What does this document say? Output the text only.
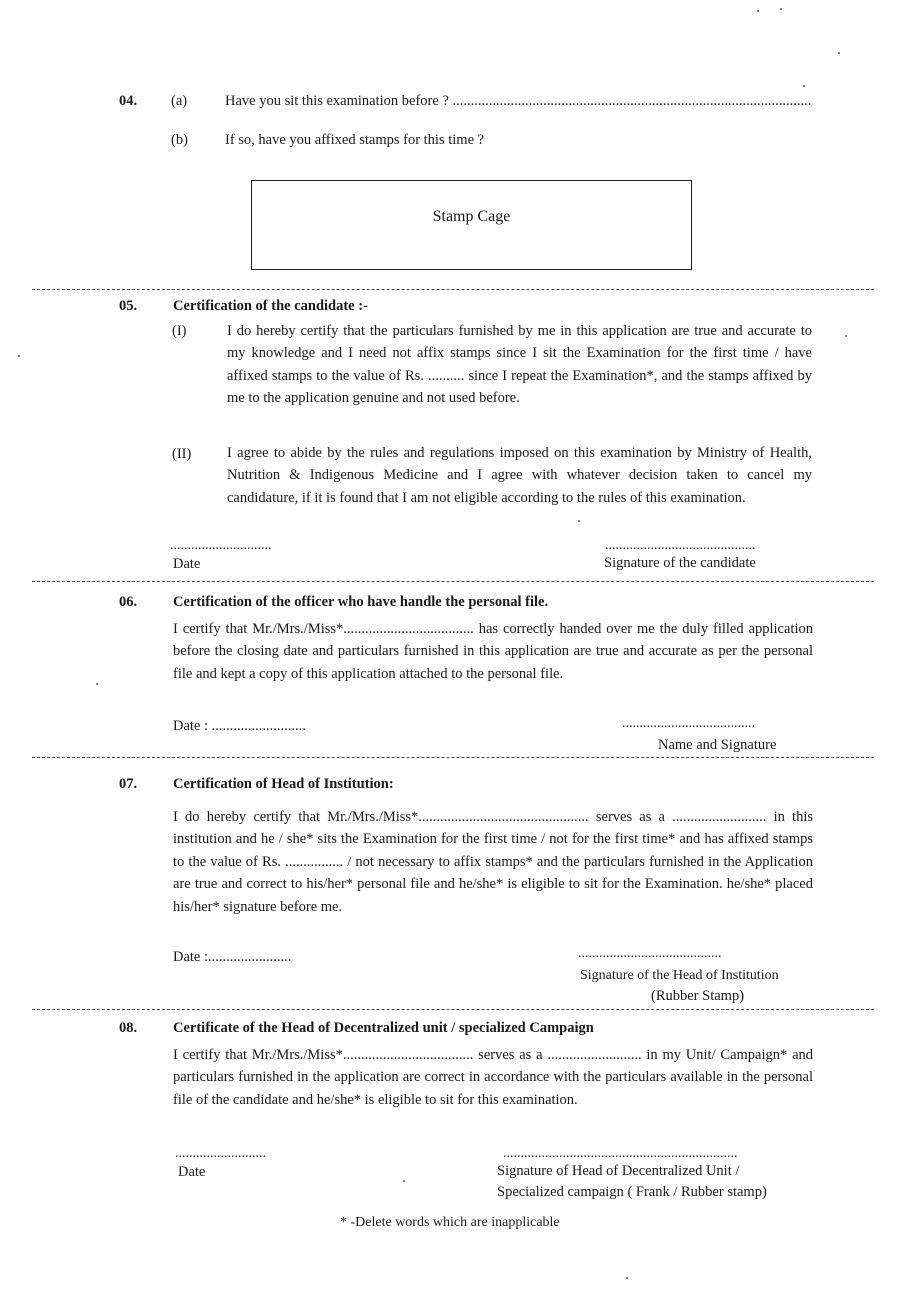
04. (a)	Have you sit this examination before ? ...................................................................................................
(b)	If so, have you affixed stamps for this time ?
Stamp Cage
05. Certification of the candidate :-
(I)	I do hereby certify that the particulars furnished by me in this application are true and accurate to my knowledge and I need not affix stamps since I sit the Examination for the first time / have affixed stamps to the value of Rs. .......... since I repeat the Examination*, and the stamps affixed by me to the application genuine and not used before.
(II) I agree to abide by the rules and regulations imposed on this examination by Ministry of Health, Nutrition & Indigenous Medicine and I agree with whatever decision taken to cancel my candidature, if it is found that I am not eligible according to the rules of this examination.
.............................
Date
...........................................
Signature of the candidate
06. Certification of the officer who have handle the personal file.
I certify that Mr./Mrs./Miss*.................................... has correctly handed over me the duly filled application before the closing date and particulars furnished in this application are true and accurate as per the personal file and kept a copy of this application attached to the personal file.
Date : ..........................	......................................
Name and Signature
07. Certification of Head of Institution:
I do hereby certify that Mr./Mrs./Miss*............................................... serves as a .......................... in this institution and he / she* sits the Examination for the first time / not for the first time* and has affixed stamps to the value of Rs. ................ / not necessary to affix stamps* and the particulars furnished in the Application are true and correct to his/her* personal file and he/she* is eligible to sit for the Examination. he/she* placed his/her* signature before me.
Date :.......................	.........................................
Signature of the Head of Institution
(Rubber Stamp)
08. Certificate of the Head of Decentralized unit / specialized Campaign
I certify that Mr./Mrs./Miss*.................................... serves as a .......................... in my Unit/ Campaign* and particulars furnished in the application are correct in accordance with the particulars available in the personal file of the candidate and he/she* is eligible to sit for this examination.
..........................
Date
...................................................................
Signature of Head of Decentralized Unit /
Specialized campaign ( Frank / Rubber stamp)
* -Delete words which are inapplicable
